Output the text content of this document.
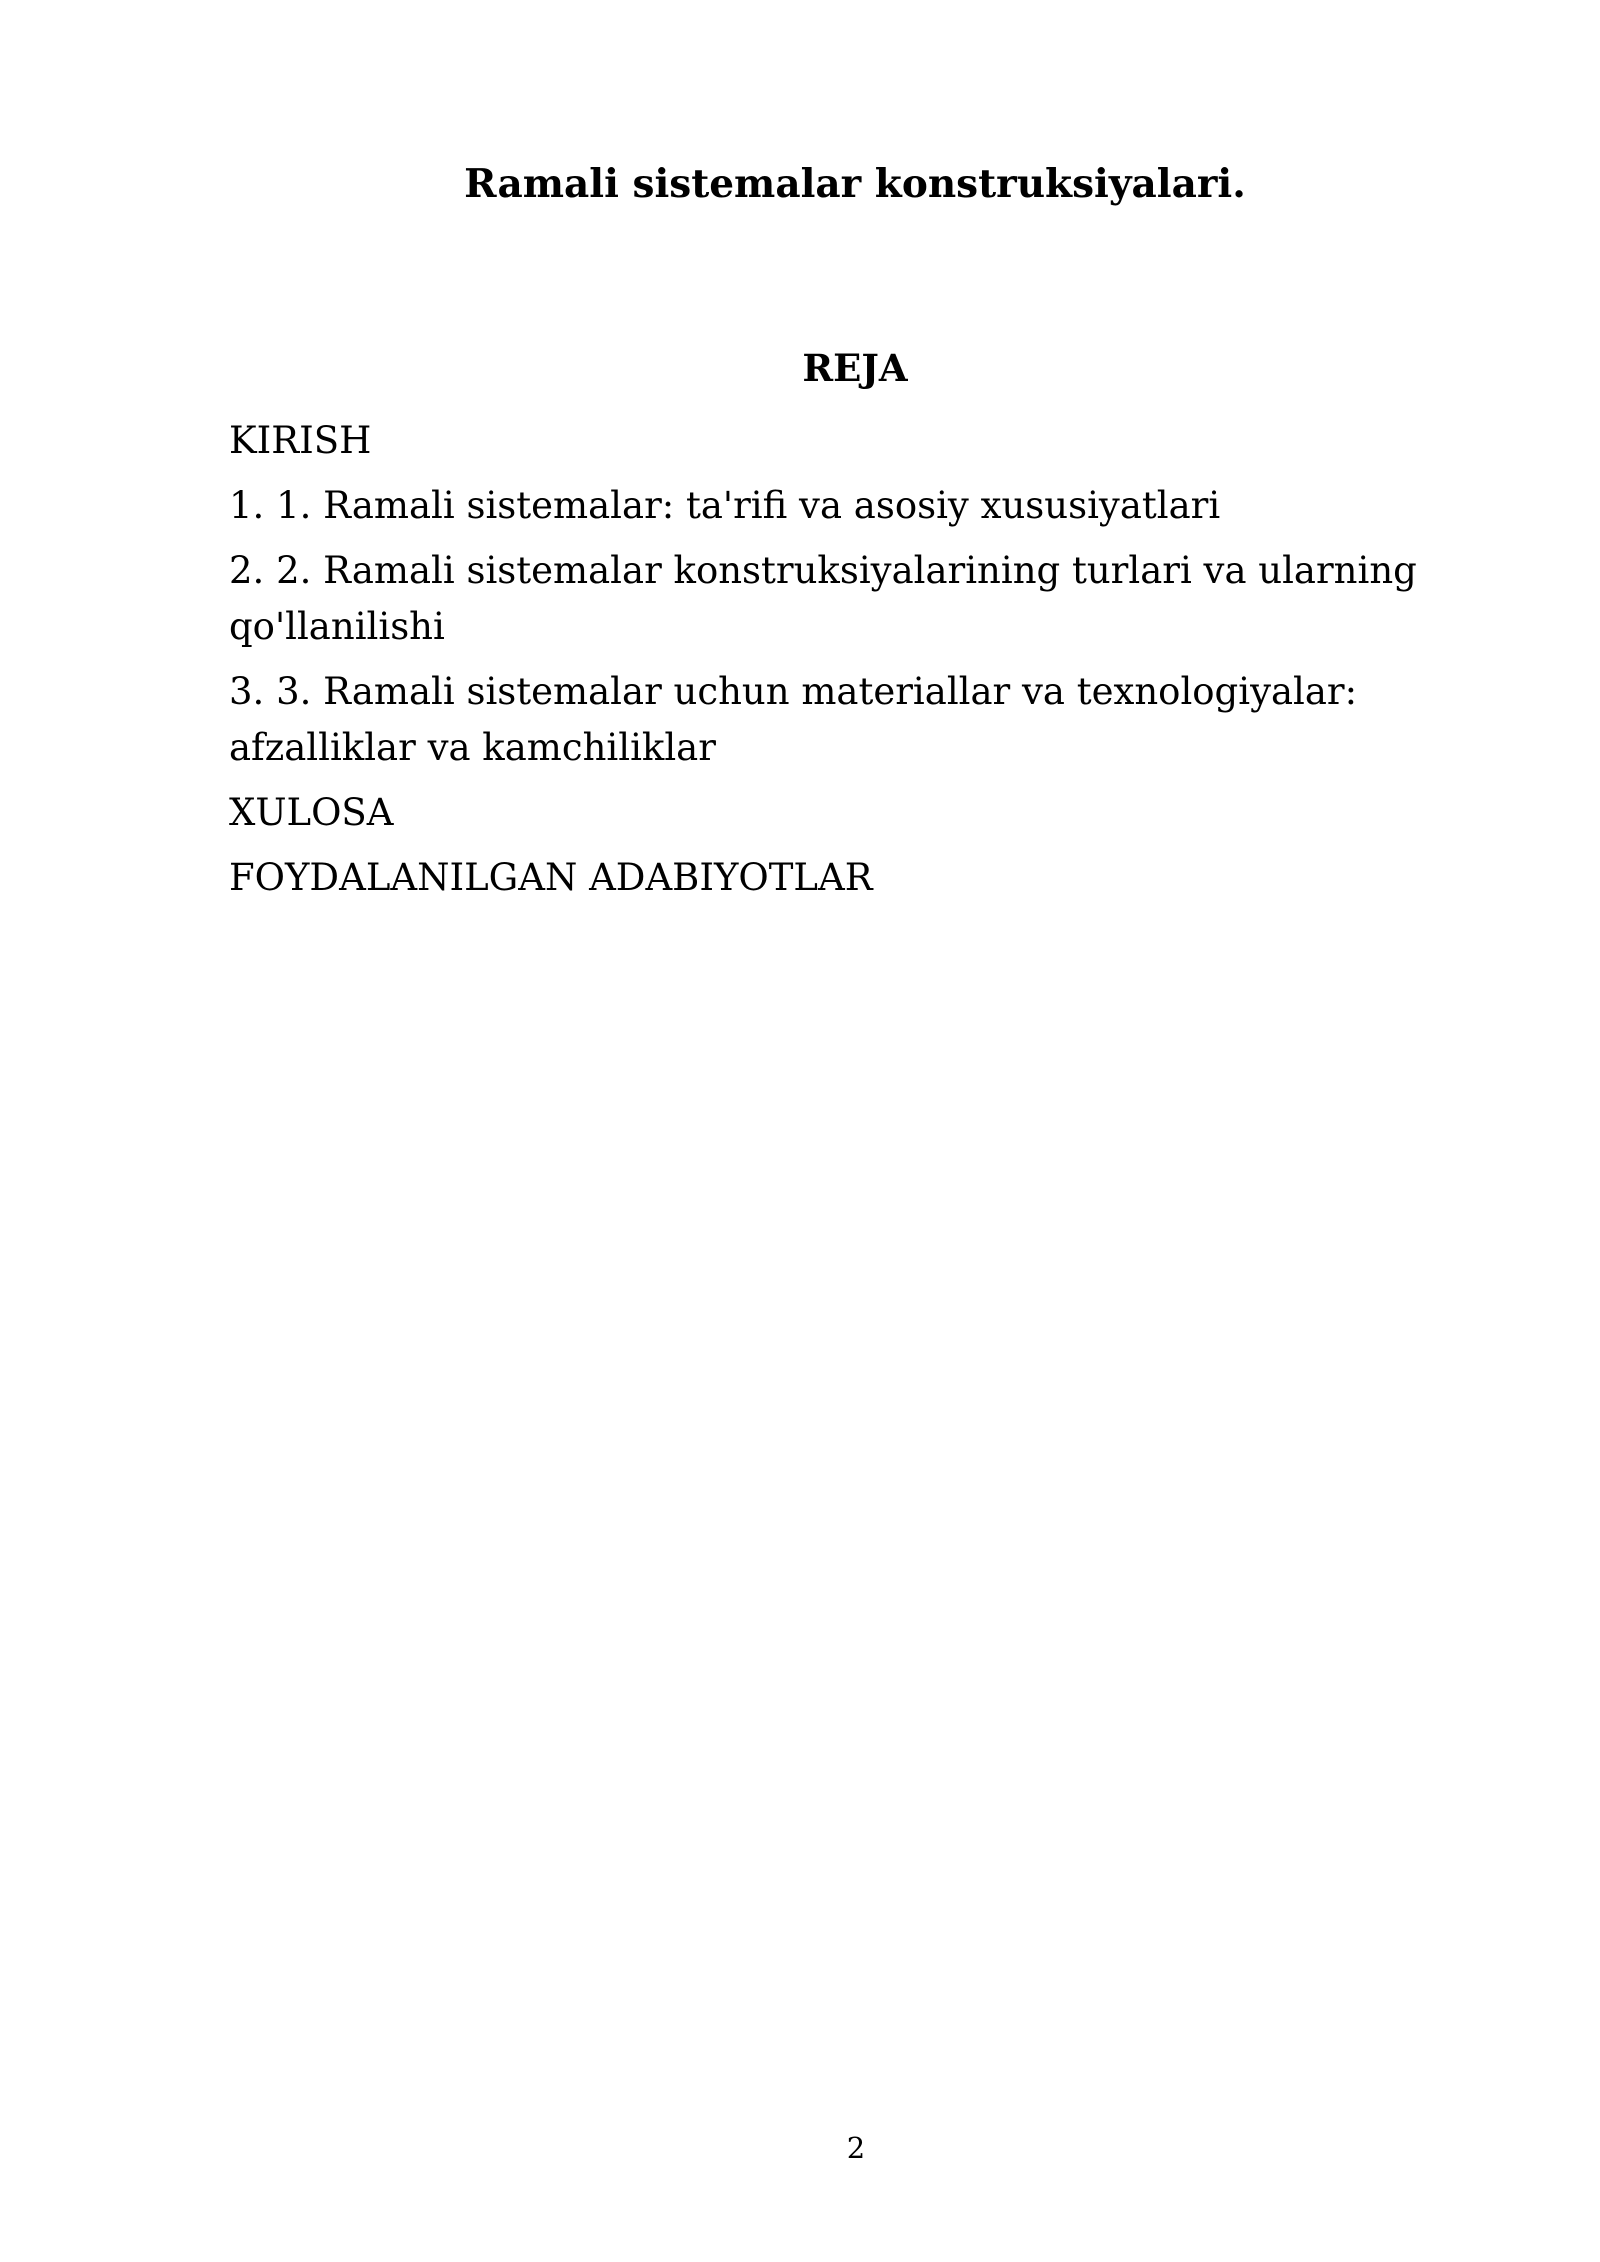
Ramali sistemalar konstruksiyalari.
REJA
KIRISH
1. 1. Ramali sistemalar: ta'rifi va asosiy xususiyatlari
2. 2. Ramali sistemalar konstruksiyalarining turlari va ularning qo'llanilishi
3. 3. Ramali sistemalar uchun materiallar va texnologiyalar: afzalliklar va kamchiliklar
XULOSA
FOYDALANILGAN ADABIYOTLAR
2
